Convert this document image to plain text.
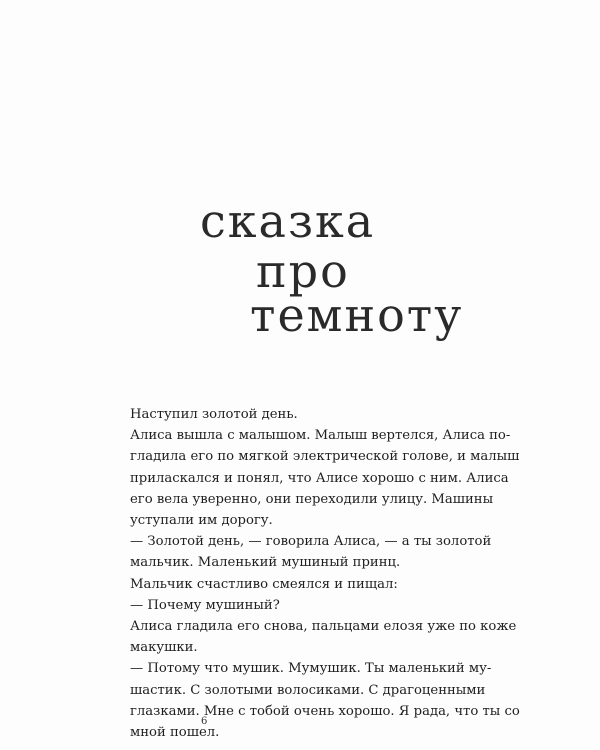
сказка
про
темноту
Наступил золотой день.
Алиса вышла с малышом. Малыш вертелся, Алиса по-
гладила его по мягкой электрической голове, и малыш
приласкался и понял, что Алисе хорошо с ним. Алиса
его вела уверенно, они переходили улицу. Машины
уступали им дорогу.
— Золотой день, — говорила Алиса, — а ты золотой
мальчик. Маленький мушиный принц.
Мальчик счастливо смеялся и пищал:
— Почему мушиный?
Алиса гладила его снова, пальцами елозя уже по коже
макушки.
— Потому что мушик. Мумушик. Ты маленький му-
шастик. С золотыми волосиками. С драгоценными
глазками. Мне с тобой очень хорошо. Я рада, что ты со
мной пошел.
6
